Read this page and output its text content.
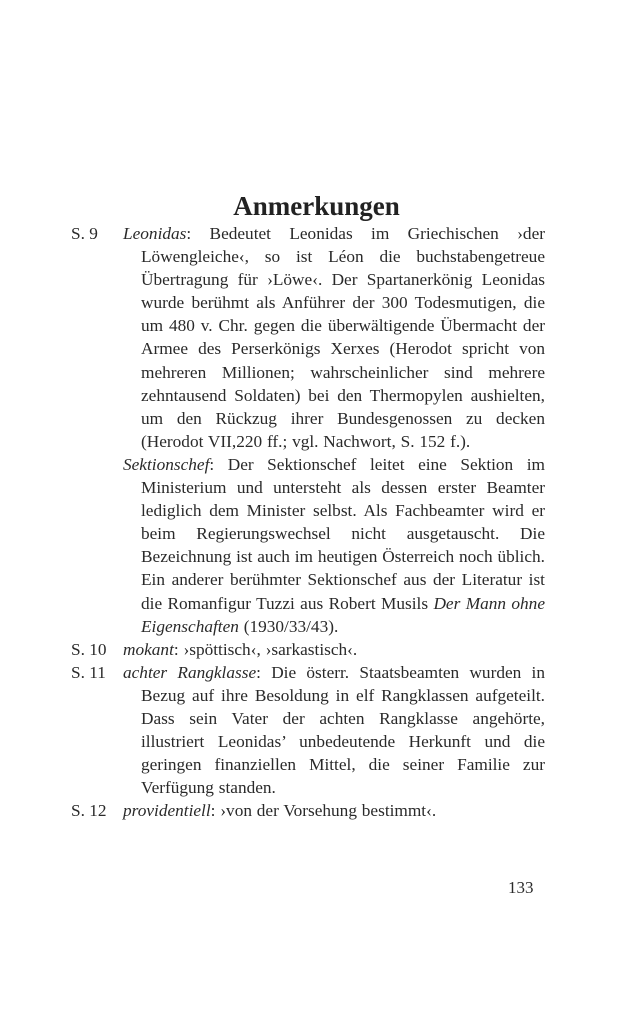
Anmerkungen
S. 9	Leonidas: Bedeutet Leonidas im Griechischen ›der Löwengleiche‹, so ist Léon die buchstabengetreue Übertragung für ›Löwe‹. Der Spartanerkönig Leonidas wurde berühmt als Anführer der 300 Todesmutigen, die um 480 v. Chr. gegen die überwältigende Übermacht der Armee des Perserkönigs Xerxes (Herodot spricht von mehreren Millionen; wahrscheinlicher sind mehrere zehntausend Soldaten) bei den Thermopylen aushielten, um den Rückzug ihrer Bundesgenossen zu decken (Herodot VII,220 ff.; vgl. Nachwort, S. 152 f.).

Sektionschef: Der Sektionschef leitet eine Sektion im Ministerium und untersteht als dessen erster Beamter lediglich dem Minister selbst. Als Fachbeamter wird er beim Regierungswechsel nicht ausgetauscht. Die Bezeichnung ist auch im heutigen Österreich noch üblich. Ein anderer berühmter Sektionschef aus der Literatur ist die Romanfigur Tuzzi aus Robert Musils Der Mann ohne Eigenschaften (1930/33/43).

S. 10 mokant: ›spöttisch‹, ›sarkastisch‹.

S. 11 achter Rangklasse: Die österr. Staatsbeamten wurden in Bezug auf ihre Besoldung in elf Rangklassen aufgeteilt. Dass sein Vater der achten Rangklasse angehörte, illustriert Leonidas’ unbedeutende Herkunft und die geringen finanziellen Mittel, die seiner Familie zur Verfügung standen.

S. 12 providentiell: ›von der Vorsehung bestimmt‹.

133
